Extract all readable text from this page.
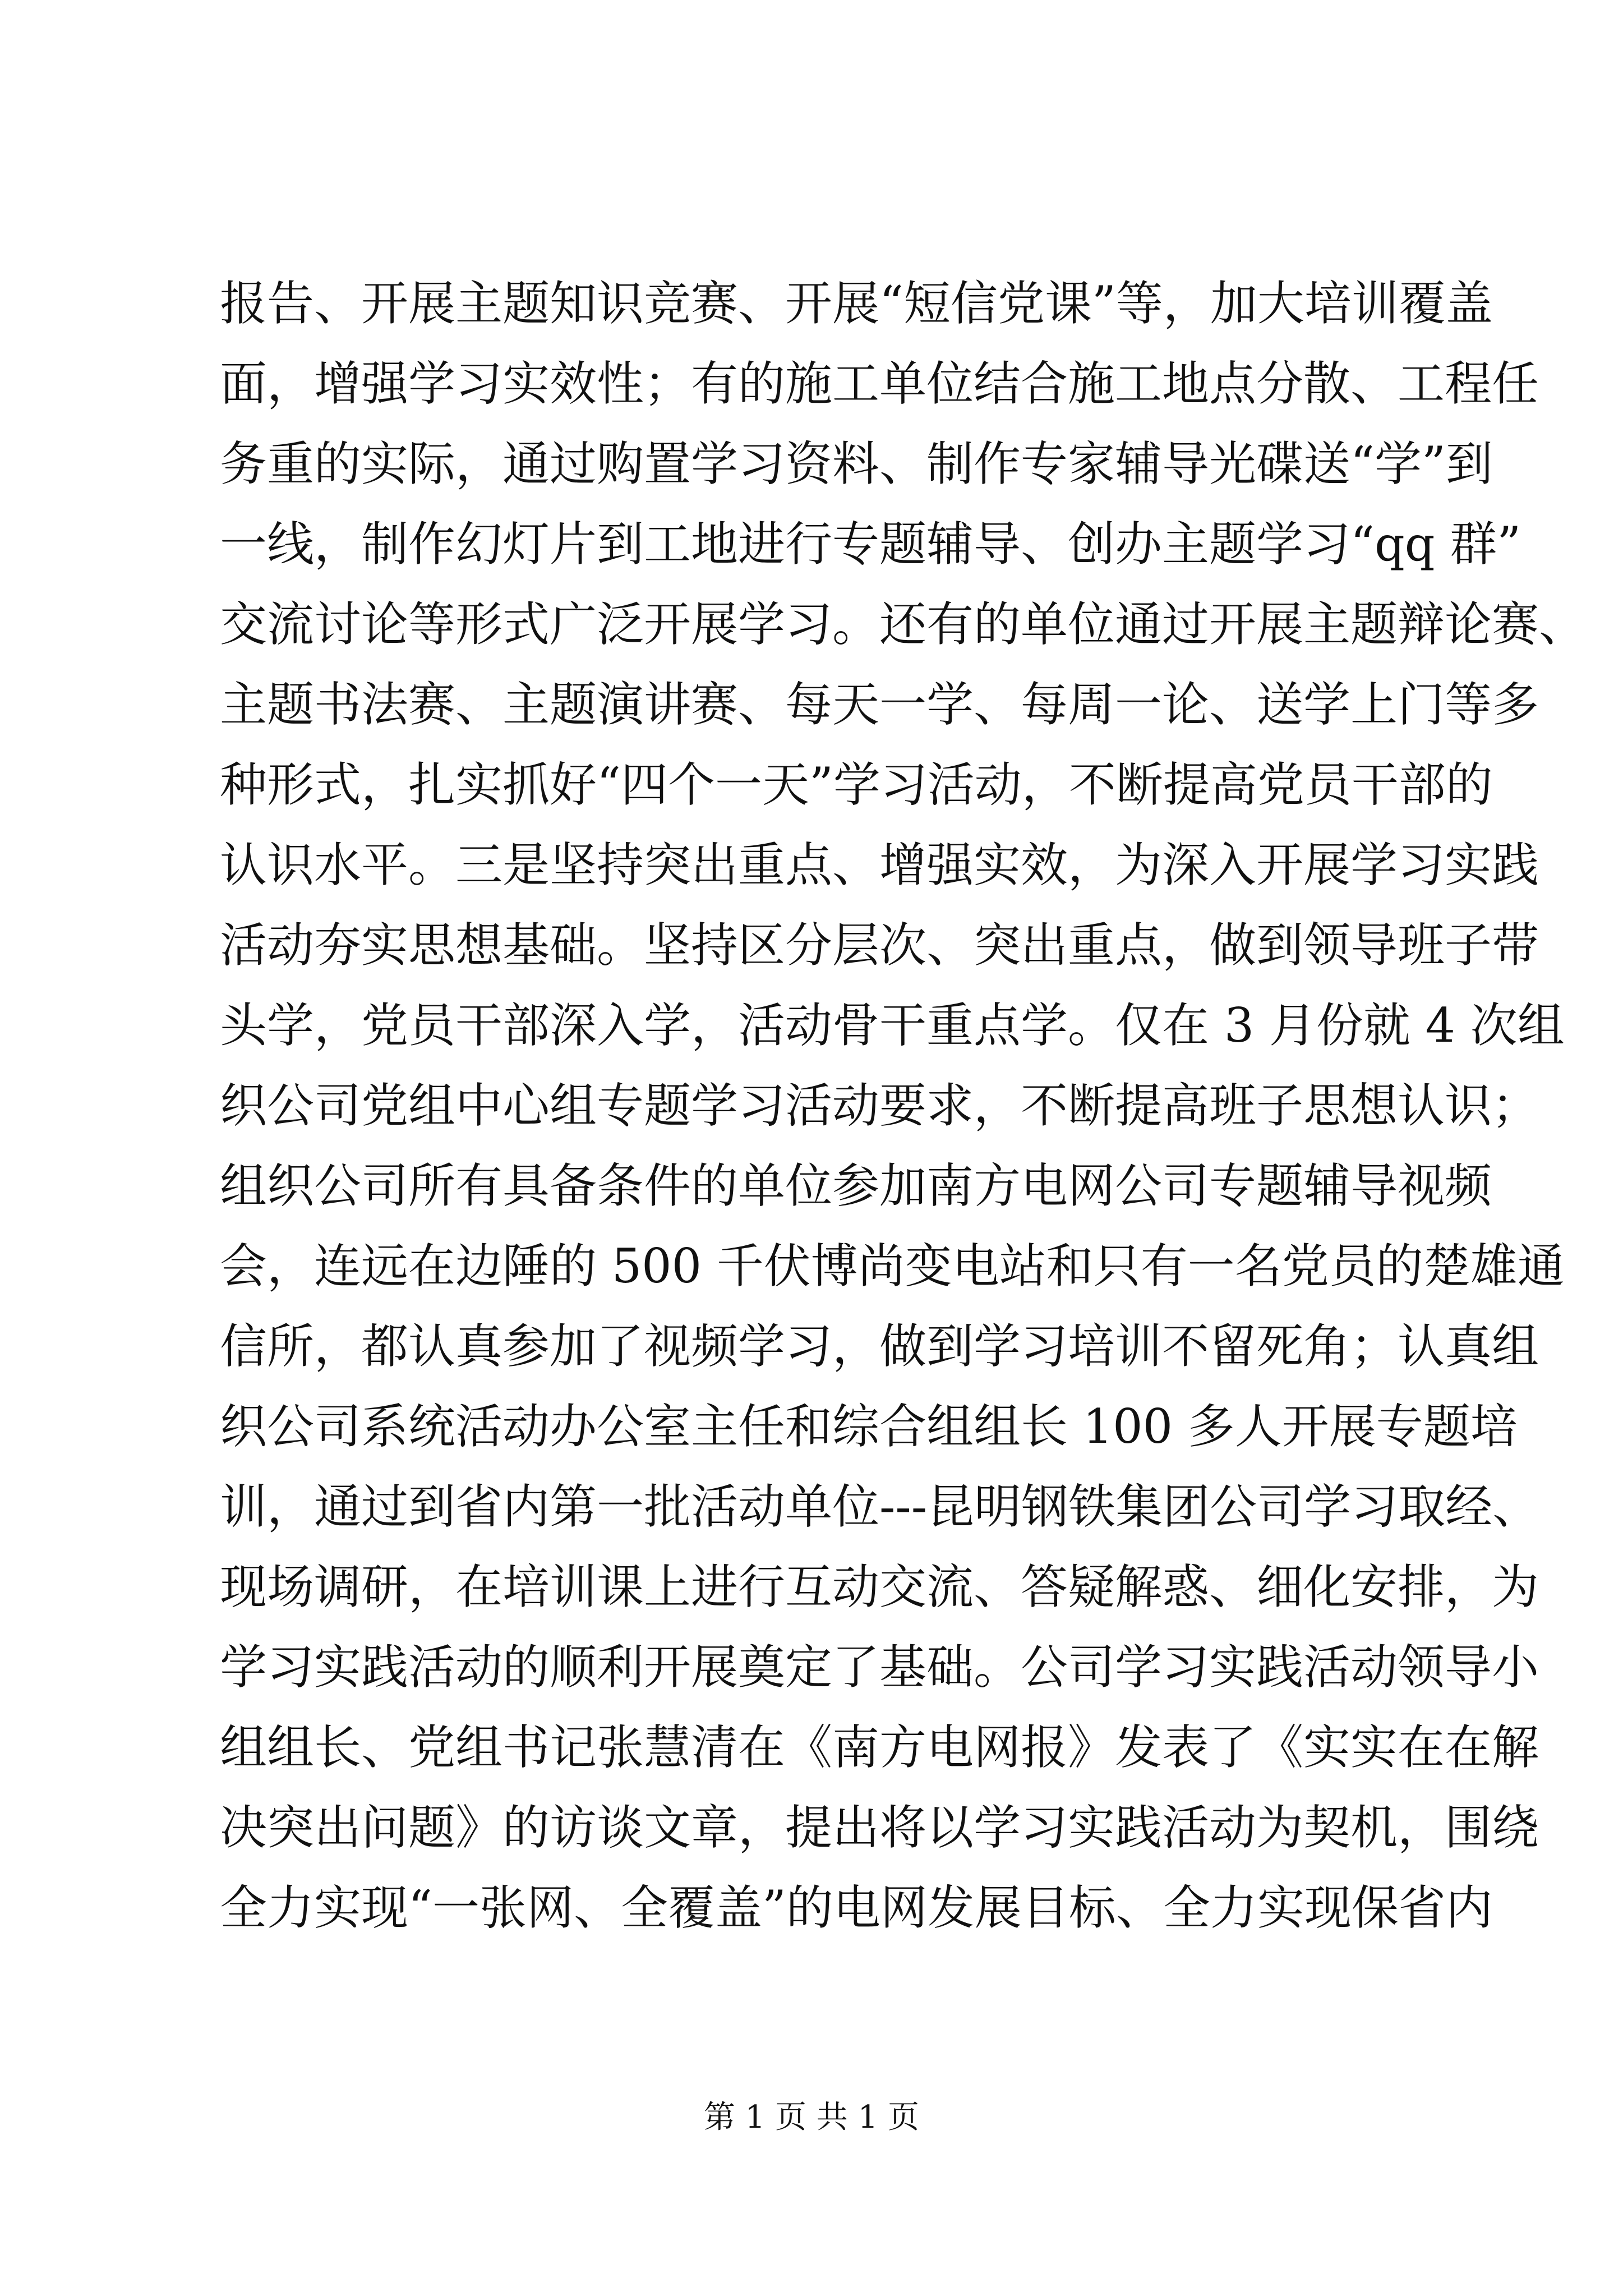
报告、开展主题知识竞赛、开展“短信党课”等，加大培训覆盖
面，增强学习实效性；有的施工单位结合施工地点分散、工程任
务重的实际，通过购置学习资料、制作专家辅导光碟送“学”到
一线，制作幻灯片到工地进行专题辅导、创办主题学习“qq 群”
交流讨论等形式广泛开展学习。还有的单位通过开展主题辩论赛、
主题书法赛、主题演讲赛、每天一学、每周一论、送学上门等多
种形式，扎实抓好“四个一天”学习活动，不断提高党员干部的
认识水平。三是坚持突出重点、增强实效，为深入开展学习实践
活动夯实思想基础。坚持区分层次、突出重点，做到领导班子带
头学，党员干部深入学，活动骨干重点学。仅在 3 月份就 4 次组
织公司党组中心组专题学习活动要求，不断提高班子思想认识；
组织公司所有具备条件的单位参加南方电网公司专题辅导视频
会，连远在边陲的 500 千伏博尚变电站和只有一名党员的楚雄通
信所，都认真参加了视频学习，做到学习培训不留死角；认真组
织公司系统活动办公室主任和综合组组长 100 多人开展专题培
训，通过到省内第一批活动单位---昆明钢铁集团公司学习取经、
现场调研，在培训课上进行互动交流、答疑解惑、细化安排，为
学习实践活动的顺利开展奠定了基础。公司学习实践活动领导小
组组长、党组书记张慧清在《南方电网报》发表了《实实在在解
决突出问题》的访谈文章，提出将以学习实践活动为契机，围绕
全力实现“一张网、全覆盖”的电网发展目标、全力实现保省内
第 1 页 共 1 页
